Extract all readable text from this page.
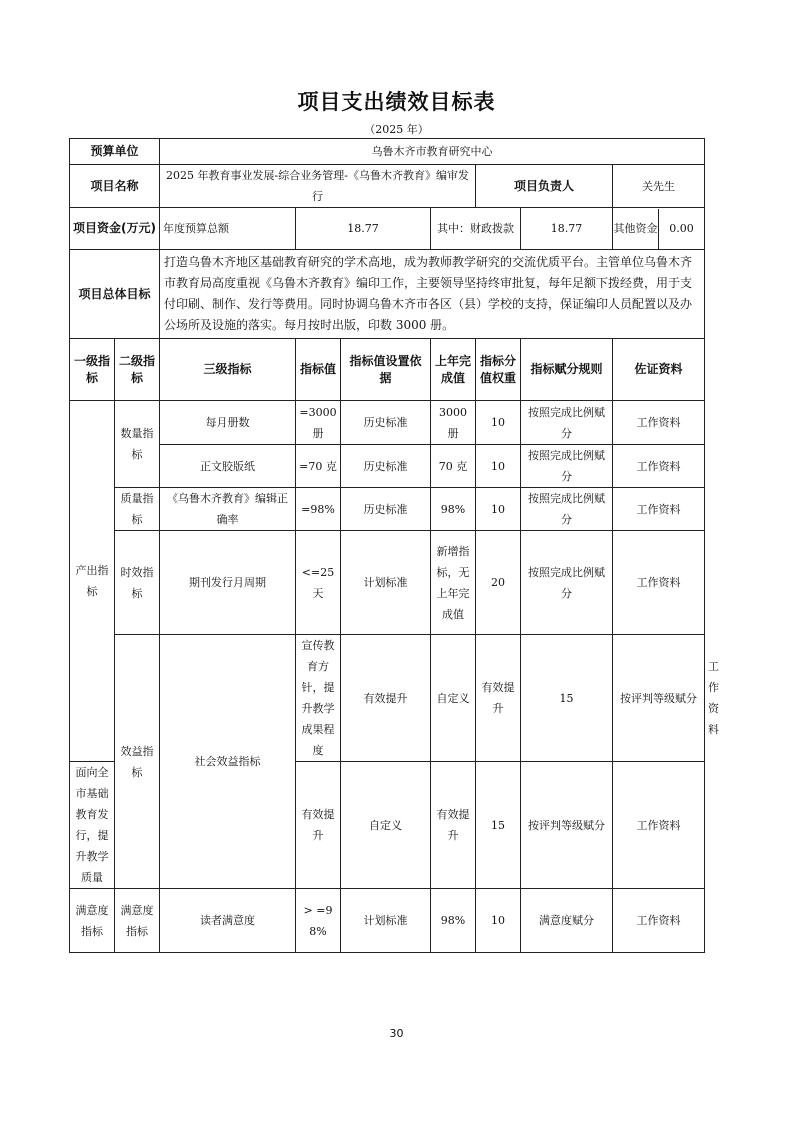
项目支出绩效目标表
（2025 年）
预算单位		乌鲁木齐市教育研究中心							
项目名称		2025 年教育事业发展-综合业务管理-《乌鲁木齐教育》编审发行				项目负责人		关先生	
项目资金(万元)		年度预算总额	18.77		其中：财政拨款		18.77	其他资金 0.00	

项目总体目标		打造乌鲁木齐地区基础教育研究的学术高地，成为教师教学研究的交流优质平台。主管单位乌鲁木齐市教育局高度重视《乌鲁木齐教育》编印工作，主要领导坚持终审批复，每年足额下拨经费，用于支付印刷、制作、发行等费用。同时协调乌鲁木齐市各区（县）学校的支持，保证编印人员配置以及办公场所及设施的落实。每月按时出版，印数 3000 册。							
一级指标	二级指标	三级指标	指标值	指标值设置依据	上年完成值	指标分值权重	指标赋分规则	佐证资料	
产出指标	数量指标	每月册数	=3000册	历史标准	3000册	10	按照完成比例赋分	工作资料	
		正文胶版纸	=70 克	历史标准	70 克	10	按照完成比例赋分	工作资料	
	质量指标	《乌鲁木齐教育》编辑正确率	=98%	历史标准	98%	10	按照完成比例赋分	工作资料	
	时效指标	期刊发行月周期	<=25天	计划标准	新增指标，无上年完成值	20	按照完成比例赋分	工作资料	
	效益指标	社会效益指标	宣传教育方针，提升教学成果程度	有效提升	自定义	有效提升	15	按评判等级赋分	工作资料
面向全市基础教育发行，提升教学质量			有效提升	自定义	有效提升	15	按评判等级赋分	工作资料	
满意度指标	满意度指标	读者满意度	> =98%	计划标准	98%	10	满意度赋分	工作资料	
30
